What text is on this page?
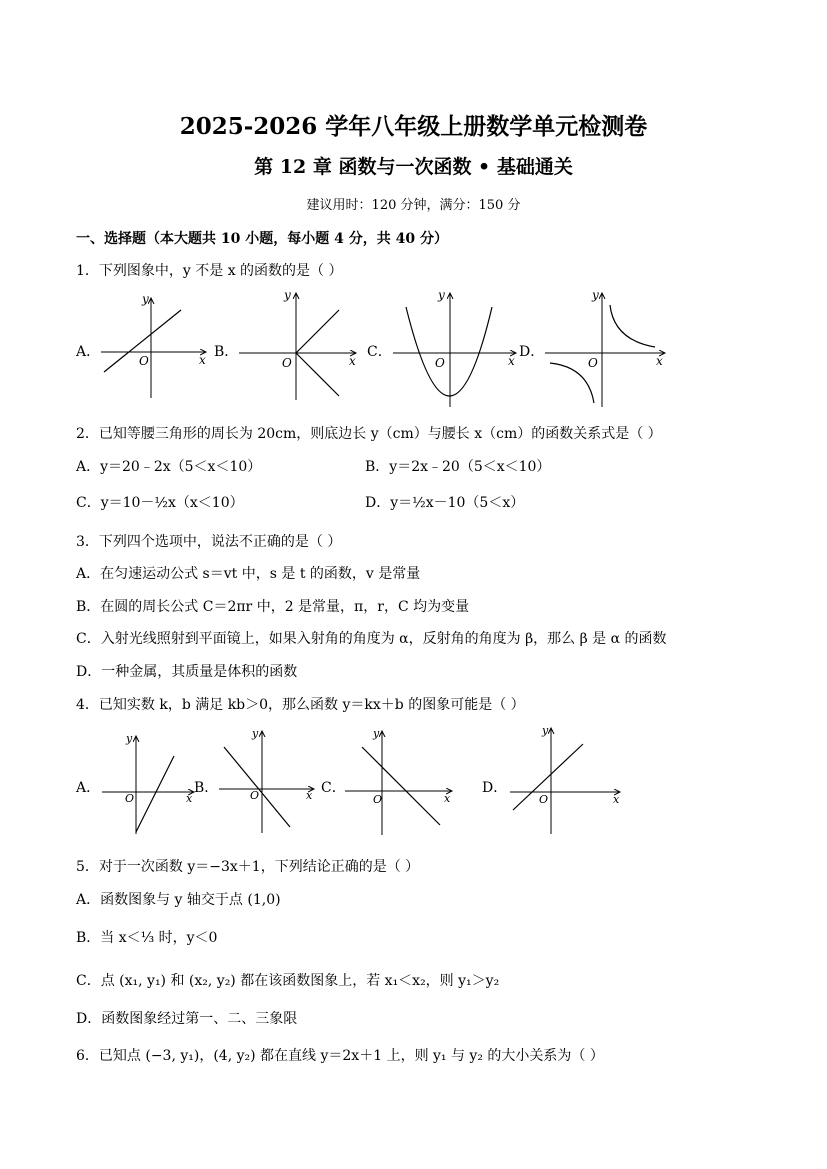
2025-2026 学年八年级上册数学单元检测卷
第 12 章 函数与一次函数 • 基础通关
建议用时：120 分钟，满分：150 分
一、选择题（本大题共 10 小题，每小题 4 分，共 40 分）
1．下列图象中，y 不是 x 的函数的是（ ）
A．
y
x
O
B．
y
x
O
C．
y
x
O
D．
y
x
O
2．已知等腰三角形的周长为 20cm，则底边长 y（cm）与腰长 x（cm）的函数关系式是（ ）
A．y＝20﹣2x（5＜x＜10）	B．y＝2x﹣20（5＜x＜10）
C．y＝10－½x（x＜10）	D．y＝½x－10（5＜x）
3．下列四个选项中，说法不正确的是（ ）
A．在匀速运动公式 s＝vt 中，s 是 t 的函数，v 是常量
B．在圆的周长公式 C＝2πr 中，2 是常量，π，r，C 均为变量
C．入射光线照射到平面镜上，如果入射角的角度为 α，反射角的角度为 β，那么 β 是 α 的函数
D．一种金属，其质量是体积的函数
4．已知实数 k，b 满足 kb＞0，那么函数 y＝kx＋b 的图象可能是（ ）
A．
y
x
O
B．
y
x
O	C．
y
x
O
D．
y
x
O
5．对于一次函数 y＝−3x＋1，下列结论正确的是（ ）
A．函数图象与 y 轴交于点 (1,0)
B．当 x＜⅓ 时，y＜0
C．点 (x₁, y₁) 和 (x₂, y₂) 都在该函数图象上，若 x₁＜x₂，则 y₁＞y₂
D．函数图象经过第一、二、三象限
6．已知点 (−3, y₁)，(4, y₂) 都在直线 y＝2x＋1 上，则 y₁ 与 y₂ 的大小关系为（ ）
